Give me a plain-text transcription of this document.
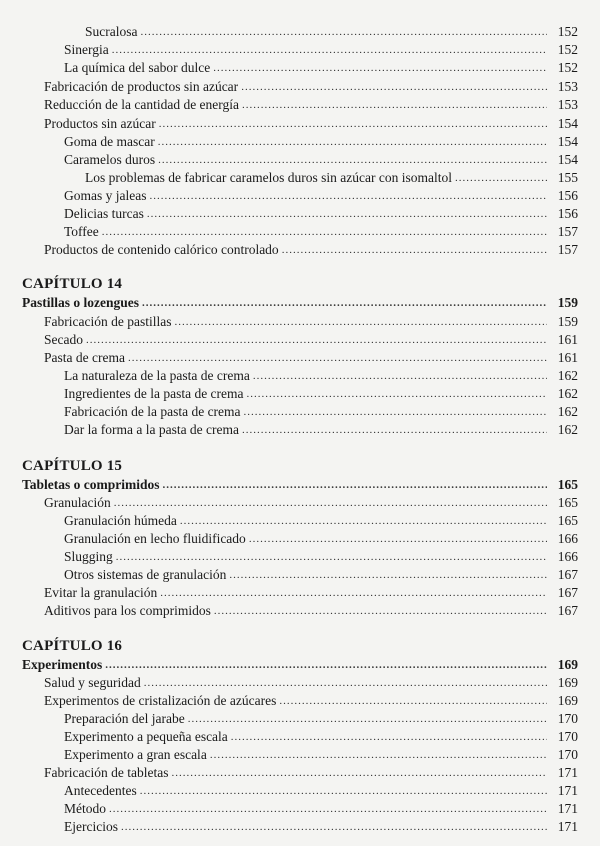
Sucralosa .....	152
Sinergia .....	152
La química del sabor dulce .....	152
Fabricación de productos sin azúcar .....	153
Reducción de la cantidad de energía .....	153
Productos sin azúcar .....	154
Goma de mascar .....	154
Caramelos duros .....	154
Los problemas de fabricar caramelos duros sin azúcar con isomaltol .....	155
Gomas y jaleas .....	156
Delicias turcas .....	156
Toffee .....	157
Productos de contenido calórico controlado .....	157
CAPÍTULO 14
Pastillas o lozengues .....	159
Fabricación de pastillas .....	159
Secado .....	161
Pasta de crema .....	161
La naturaleza de la pasta de crema .....	162
Ingredientes de la pasta de crema .....	162
Fabricación de la pasta de crema .....	162
Dar la forma a la pasta de crema .....	162
CAPÍTULO 15
Tabletas o comprimidos .....	165
Granulación .....	165
Granulación húmeda .....	165
Granulación en lecho fluidificado .....	166
Slugging .....	166
Otros sistemas de granulación .....	167
Evitar la granulación .....	167
Aditivos para los comprimidos .....	167
CAPÍTULO 16
Experimentos .....	169
Salud y seguridad .....	169
Experimentos de cristalización de azúcares .....	169
Preparación del jarabe .....	170
Experimento a pequeña escala .....	170
Experimento a gran escala .....	170
Fabricación de tabletas .....	171
Antecedentes .....	171
Método .....	171
Ejercicios .....	171
